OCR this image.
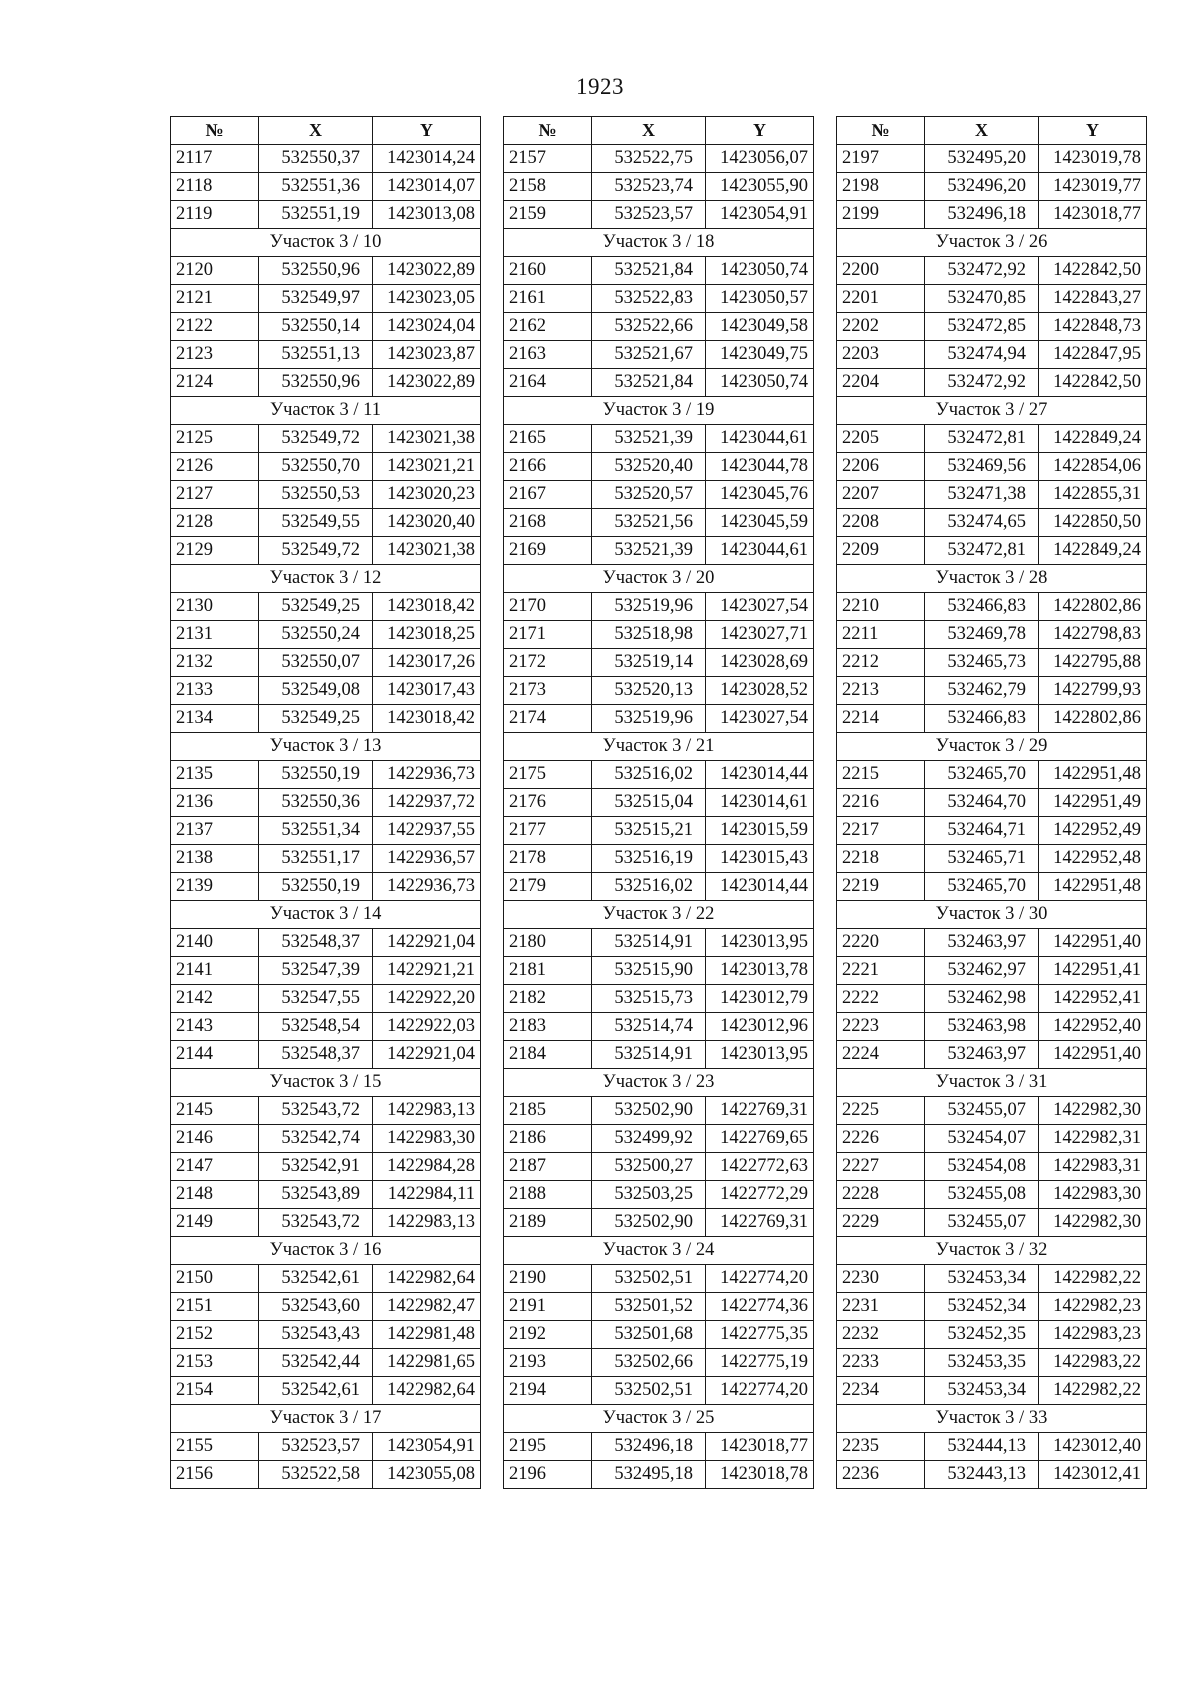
1923
№	X	Y
2117	532550,37	1423014,24
2118	532551,36	1423014,07
2119	532551,19	1423013,08
Участок 3 / 10		
2120	532550,96	1423022,89
2121	532549,97	1423023,05
2122	532550,14	1423024,04
2123	532551,13	1423023,87
2124	532550,96	1423022,89
Участок 3 / 11		
2125	532549,72	1423021,38
2126	532550,70	1423021,21
2127	532550,53	1423020,23
2128	532549,55	1423020,40
2129	532549,72	1423021,38
Участок 3 / 12		
2130	532549,25	1423018,42
2131	532550,24	1423018,25
2132	532550,07	1423017,26
2133	532549,08	1423017,43
2134	532549,25	1423018,42
Участок 3 / 13		
2135	532550,19	1422936,73
2136	532550,36	1422937,72
2137	532551,34	1422937,55
2138	532551,17	1422936,57
2139	532550,19	1422936,73
Участок 3 / 14		
2140	532548,37	1422921,04
2141	532547,39	1422921,21
2142	532547,55	1422922,20
2143	532548,54	1422922,03
2144	532548,37	1422921,04
Участок 3 / 15		
2145	532543,72	1422983,13
2146	532542,74	1422983,30
2147	532542,91	1422984,28
2148	532543,89	1422984,11
2149	532543,72	1422983,13
Участок 3 / 16		
2150	532542,61	1422982,64
2151	532543,60	1422982,47
2152	532543,43	1422981,48
2153	532542,44	1422981,65
2154	532542,61	1422982,64
Участок 3 / 17		
2155	532523,57	1423054,91
2156	532522,58	1423055,08
№	X	Y
2157	532522,75	1423056,07
2158	532523,74	1423055,90
2159	532523,57	1423054,91
Участок 3 / 18		
2160	532521,84	1423050,74
2161	532522,83	1423050,57
2162	532522,66	1423049,58
2163	532521,67	1423049,75
2164	532521,84	1423050,74
Участок 3 / 19		
2165	532521,39	1423044,61
2166	532520,40	1423044,78
2167	532520,57	1423045,76
2168	532521,56	1423045,59
2169	532521,39	1423044,61
Участок 3 / 20		
2170	532519,96	1423027,54
2171	532518,98	1423027,71
2172	532519,14	1423028,69
2173	532520,13	1423028,52
2174	532519,96	1423027,54
Участок 3 / 21		
2175	532516,02	1423014,44
2176	532515,04	1423014,61
2177	532515,21	1423015,59
2178	532516,19	1423015,43
2179	532516,02	1423014,44
Участок 3 / 22		
2180	532514,91	1423013,95
2181	532515,90	1423013,78
2182	532515,73	1423012,79
2183	532514,74	1423012,96
2184	532514,91	1423013,95
Участок 3 / 23		
2185	532502,90	1422769,31
2186	532499,92	1422769,65
2187	532500,27	1422772,63
2188	532503,25	1422772,29
2189	532502,90	1422769,31
Участок 3 / 24		
2190	532502,51	1422774,20
2191	532501,52	1422774,36
2192	532501,68	1422775,35
2193	532502,66	1422775,19
2194	532502,51	1422774,20
Участок 3 / 25		
2195	532496,18	1423018,77
2196	532495,18	1423018,78
№	X	Y
2197	532495,20	1423019,78
2198	532496,20	1423019,77
2199	532496,18	1423018,77
Участок 3 / 26		
2200	532472,92	1422842,50
2201	532470,85	1422843,27
2202	532472,85	1422848,73
2203	532474,94	1422847,95
2204	532472,92	1422842,50
Участок 3 / 27		
2205	532472,81	1422849,24
2206	532469,56	1422854,06
2207	532471,38	1422855,31
2208	532474,65	1422850,50
2209	532472,81	1422849,24
Участок 3 / 28		
2210	532466,83	1422802,86
2211	532469,78	1422798,83
2212	532465,73	1422795,88
2213	532462,79	1422799,93
2214	532466,83	1422802,86
Участок 3 / 29		
2215	532465,70	1422951,48
2216	532464,70	1422951,49
2217	532464,71	1422952,49
2218	532465,71	1422952,48
2219	532465,70	1422951,48
Участок 3 / 30		
2220	532463,97	1422951,40
2221	532462,97	1422951,41
2222	532462,98	1422952,41
2223	532463,98	1422952,40
2224	532463,97	1422951,40
Участок 3 / 31		
2225	532455,07	1422982,30
2226	532454,07	1422982,31
2227	532454,08	1422983,31
2228	532455,08	1422983,30
2229	532455,07	1422982,30
Участок 3 / 32		
2230	532453,34	1422982,22
2231	532452,34	1422982,23
2232	532452,35	1422983,23
2233	532453,35	1422983,22
2234	532453,34	1422982,22
Участок 3 / 33		
2235	532444,13	1423012,40
2236	532443,13	1423012,41
